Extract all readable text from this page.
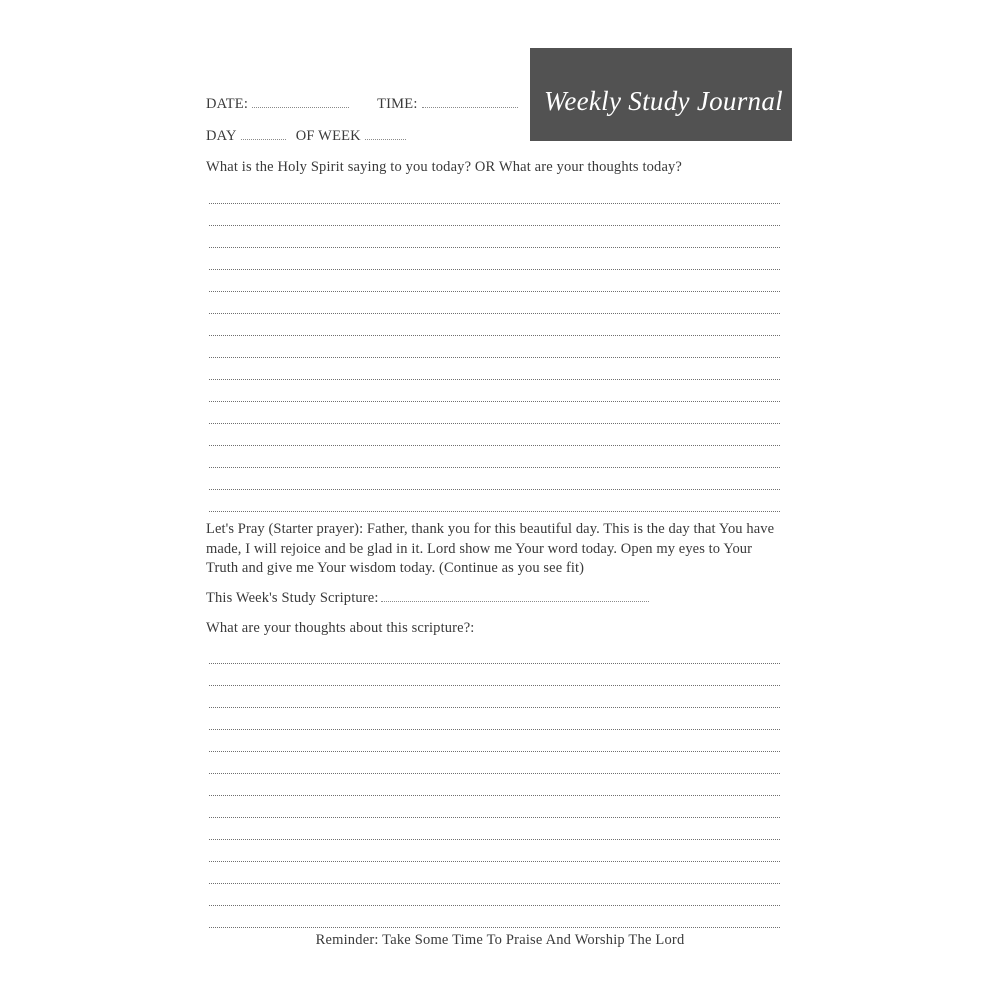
Weekly Study Journal
DATE:	TIME:
DAY	OF WEEK
What is the Holy Spirit saying to you today? OR What are your thoughts today?
Let's Pray (Starter prayer): Father, thank you for this beautiful day. This is the day that You have made, I will rejoice and be glad in it. Lord show me Your word today. Open my eyes to Your Truth and give me Your wisdom today. (Continue as you see fit)
This Week's Study Scripture:
What are your thoughts about this scripture?:
Reminder: Take Some Time To Praise And Worship The Lord
